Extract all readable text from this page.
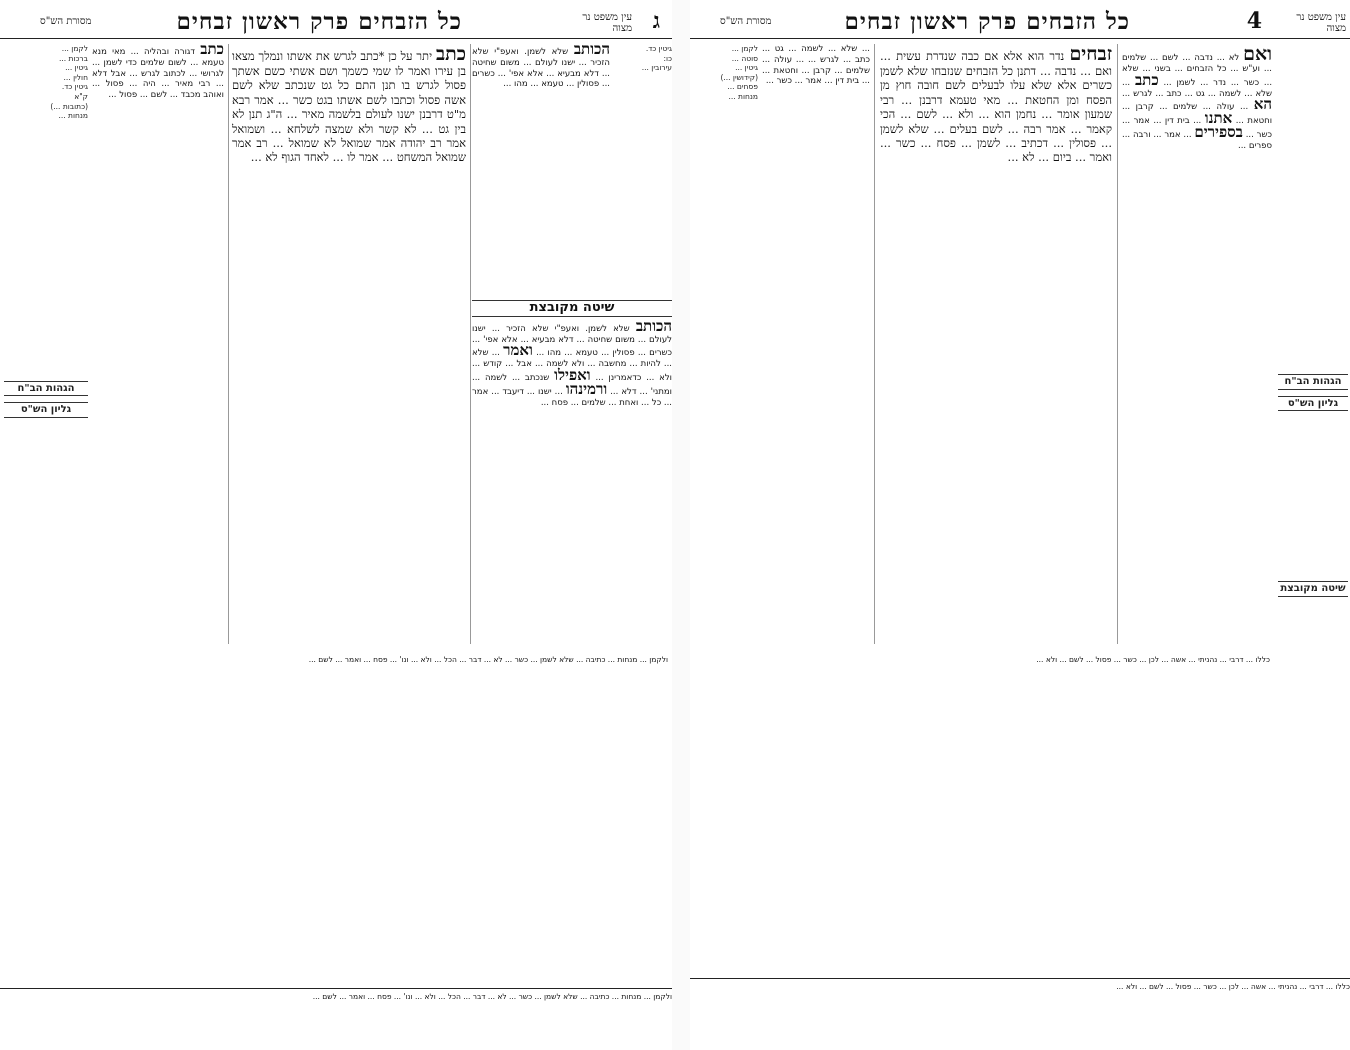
ג
עין משפט נר מצוה
כל הזבחים פרק ראשון זבחים
מסורת הש"ס
גיטין כד.
כו:
עירובין ...
שיטה מקובצת
הכותב שלא לשמן. ואעפ"י שלא הזכיר ... ישנו לעולם ... משום שחיטה ... דלא מבעיא ... אלא אפי' ... כשרים ... פסולין ... טעמא ... מהו ... ואמר ... שלא ... להיות ... מחשבה ... ולא לשמה ... אבל ... קודש ... ולא ... כדאמרינן ... ואפילו שנכתב ... לשמה ... ומתני' ... דלא ... ורמינהו ... ישנו ... דיעבד ... אמר ... כל ... ואחת ... שלמים ... פסח ...
הכותב שלא לשמן. ואעפ"י שלא הזכיר ... ישנו לעולם ... משום שחיטה ... דלא מבעיא ... אלא אפי' ... כשרים ... פסולין ... טעמא ... מהו ...
כתב יתר על כן *כתב לגרש את אשתו ונמלך מצאו בן עירו ואמר לו שמי כשמך ושם אשתי כשם אשתך פסול לגרש בו תנן התם כל גט שנכתב שלא לשם אשה פסול וכתבו לשם אשתו בגט כשר ... אמר רבא מ"ט דרבנן ישנו לעולם בלשמה מאיר ... ה"ג תנן לא בין גט ... לא קשר ולא שמצה לשלחא ... ושמואל אמר רב יהודה אמר שמואל לא שמואל ... רב אמר שמואל המשחט ... אמר לו ... לאחד הגוף לא ...
כתב דגורה ובהליה ... מאי מנא טעמא ... לשום שלמים כדי לשמן ... לגרושי ... לכתוב לגרש ... אבל דלא ... רבי מאיר ... היה ... פסול ... ואוהב מכבד ... לשם ... פסול ...
לקמן ...
ברכות ...
גיטין ...
חולין ...
גיטין כד.
ק"א
(כתובות ...)
מנחות ...
הגהות הב"ח
גליון הש"ס
ולקמן ... מנחות ... כתיבה ... שלא לשמן ... כשר ... לא ... דבר ... הכל ... ולא ... ונו' ... פסח ... ואמר ... לשם ...
ולקמן ... מנחות ... כתיבה ... שלא לשמן ... כשר ... לא ... דבר ... הכל ... ולא ... ונו' ... פסח ... ואמר ... לשם ...
עין משפט נר מצוה
4
כל הזבחים פרק ראשון זבחים
מסורת הש"ס
הגהות הב"ח
גליון הש"ס
שיטה מקובצת
ואם לא ... נדבה ... לשם ... שלמים ... וע"ש ... כל הזבחים ... בשני ... שלא ... כשר ... נדר ... לשמן ... כתב ... שלא ... לשמה ... גט ... כתב ... לגרש ... הא ... עולה ... שלמים ... קרבן ... וחטאת ... אתנו ... בית דין ... אמר ... כשר ... בספירים ... אמר ... ורבה ... ספרים ...
זבחים נדר הוא אלא אם כבה שנדרת עשית ... ואם ... נדבה ... דתנן כל הזבחים שנזבחו שלא לשמן כשרים אלא שלא עלו לבעלים לשם חובה חוץ מן הפסח ומן החטאת ... מאי טעמא דרבנן ... רבי שמעון אומר ... נחמן הוא ... ולא ... לשם ... הכי קאמר ... אמר רבה ... לשם בעלים ... שלא לשמן ... פסולין ... דכתיב ... לשמן ... פסח ... כשר ... ואמר ... ביום ... לא ...
... שלא ... לשמה ... גט ... כתב ... לגרש ... ... עולה ... שלמים ... קרבן ... וחטאת ... ... בית דין ... אמר ... כשר ...
לקמן ...
סוטה ...
גיטין ...
(קידושין ...)
פסחים ...
מנחות ...
כללו ... דרבי ... נהניתי ... אשה ... לכן ... כשר ... פסול ... לשם ... ולא ...
כללו ... דרבי ... נהניתי ... אשה ... לכן ... כשר ... פסול ... לשם ... ולא ...
